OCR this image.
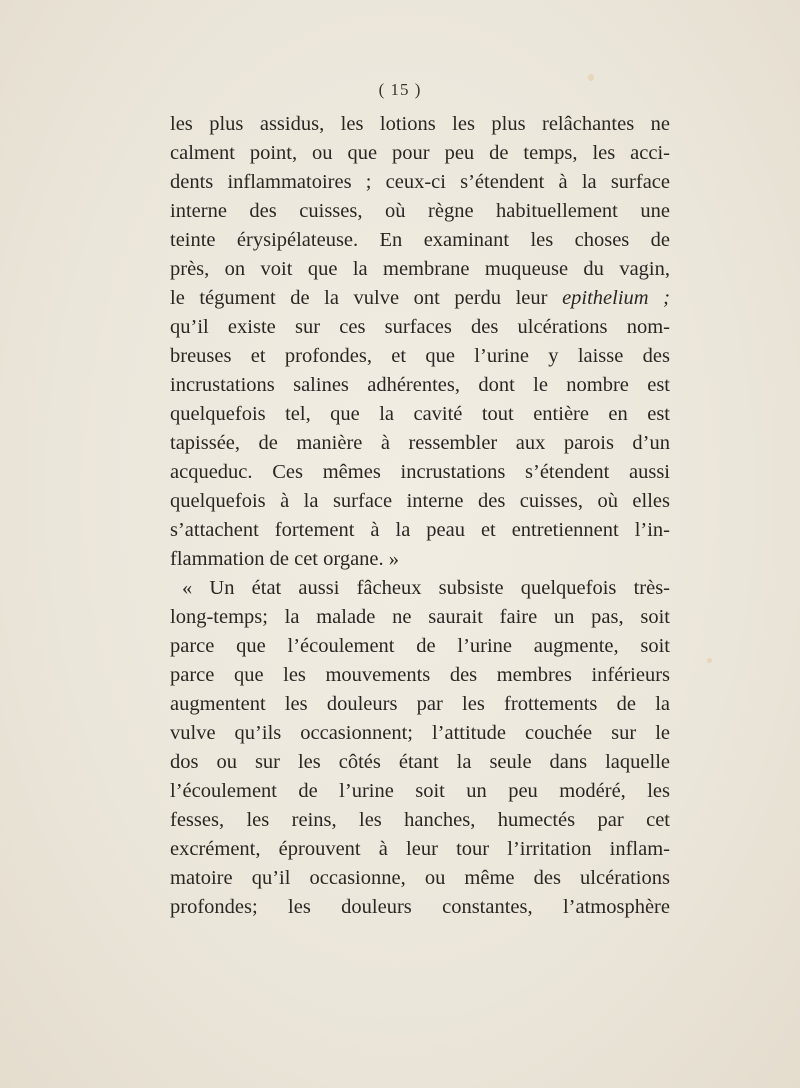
( 15 )
les plus assidus, les lotions les plus relâchantes ne
calment point, ou que pour peu de temps, les acci-
dents inflammatoires ; ceux-ci s’étendent à la surface
interne des cuisses, où règne habituellement une
teinte érysipélateuse. En examinant les choses de
près, on voit que la membrane muqueuse du vagin,
le tégument de la vulve ont perdu leur epithelium ;
qu’il existe sur ces surfaces des ulcérations nom-
breuses et profondes, et que l’urine y laisse des
incrustations salines adhérentes, dont le nombre est
quelquefois tel, que la cavité tout entière en est
tapissée, de manière à ressembler aux parois d’un
acqueduc. Ces mêmes incrustations s’étendent aussi
quelquefois à la surface interne des cuisses, où elles
s’attachent fortement à la peau et entretiennent l’in-
flammation de cet organe. »
« Un état aussi fâcheux subsiste quelquefois très-
long-temps; la malade ne saurait faire un pas, soit
parce que l’écoulement de l’urine augmente, soit
parce que les mouvements des membres inférieurs
augmentent les douleurs par les frottements de la
vulve qu’ils occasionnent; l’attitude couchée sur le
dos ou sur les côtés étant la seule dans laquelle
l’écoulement de l’urine soit un peu modéré, les
fesses, les reins, les hanches, humectés par cet
excrément, éprouvent à leur tour l’irritation inflam-
matoire qu’il occasionne, ou même des ulcérations
profondes; les douleurs constantes, l’atmosphère
